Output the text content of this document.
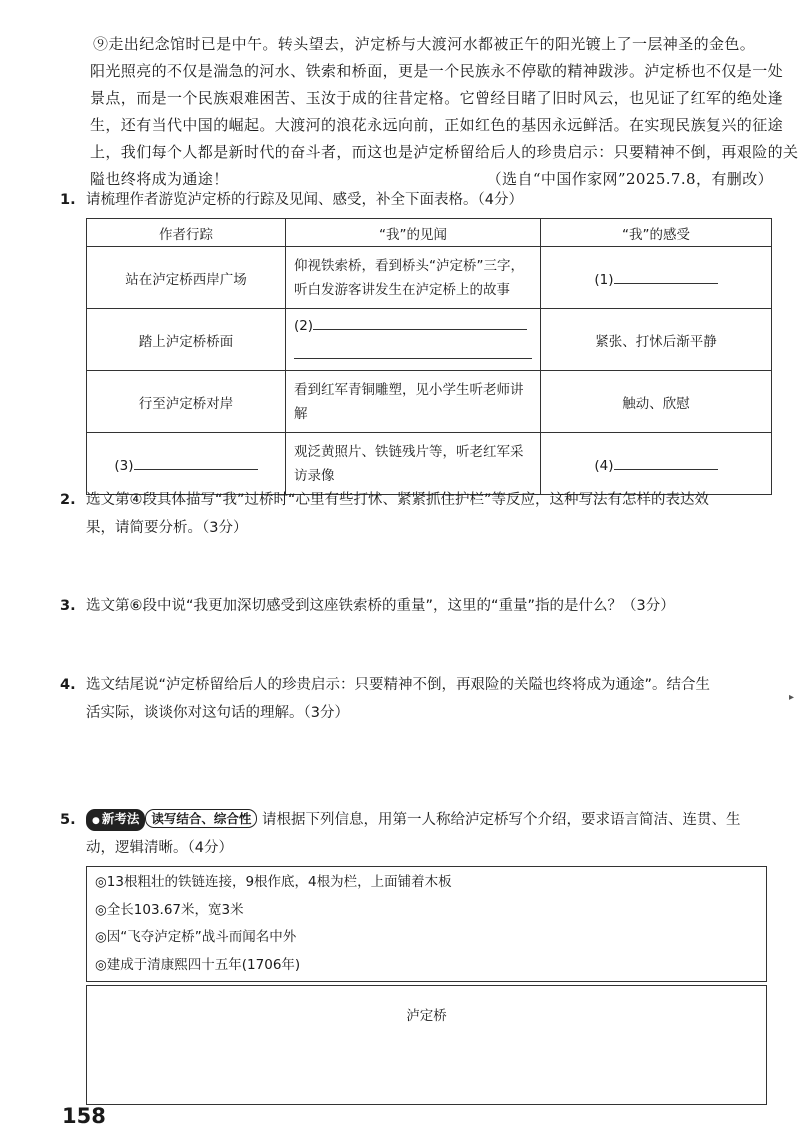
⑨走出纪念馆时已是中午。转头望去，泸定桥与大渡河水都被正午的阳光镀上了一层神圣的金色。
阳光照亮的不仅是湍急的河水、铁索和桥面，更是一个民族永不停歇的精神跋涉。泸定桥也不仅是一处
景点，而是一个民族艰难困苦、玉汝于成的往昔定格。它曾经目睹了旧时风云，也见证了红军的绝处逢
生，还有当代中国的崛起。大渡河的浪花永远向前，正如红色的基因永远鲜活。在实现民族复兴的征途
上，我们每个人都是新时代的奋斗者，而这也是泸定桥留给后人的珍贵启示：只要精神不倒，再艰险的关
隘也终将成为通途！	（选自“中国作家网”2025.7.8，有删改）
1. 请梳理作者游览泸定桥的行踪及见闻、感受，补全下面表格。（4分）
作者行踪	“我”的见闻	“我”的感受
站在泸定桥西岸广场	仰视铁索桥，看到桥头“泸定桥”三字，听白发游客讲发生在泸定桥上的故事	(1)
踏上泸定桥桥面	(2)	紧张、打怵后渐平静
行至泸定桥对岸	看到红军青铜雕塑，见小学生听老师讲解	触动、欣慰
(3)	观泛黄照片、铁链残片等，听老红军采访录像	(4)
2. 选文第④段具体描写“我”过桥时“心里有些打怵、紧紧抓住护栏”等反应，这种写法有怎样的表达效
果，请简要分析。（3分）
3. 选文第⑥段中说“我更加深切感受到这座铁索桥的重量”，这里的“重量”指的是什么？（3分）
4. 选文结尾说“泸定桥留给后人的珍贵启示：只要精神不倒，再艰险的关隘也终将成为通途”。结合生
活实际，谈谈你对这句话的理解。（3分）
5. ● 新考法 读写结合、综合性 请根据下列信息，用第一人称给泸定桥写个介绍，要求语言简洁、连贯、生
动，逻辑清晰。（4分）
◎13根粗壮的铁链连接，9根作底，4根为栏，上面铺着木板
◎全长103.67米，宽3米
◎因“飞夺泸定桥”战斗而闻名中外
◎建成于清康熙四十五年(1706年)
泸定桥
158
▸
